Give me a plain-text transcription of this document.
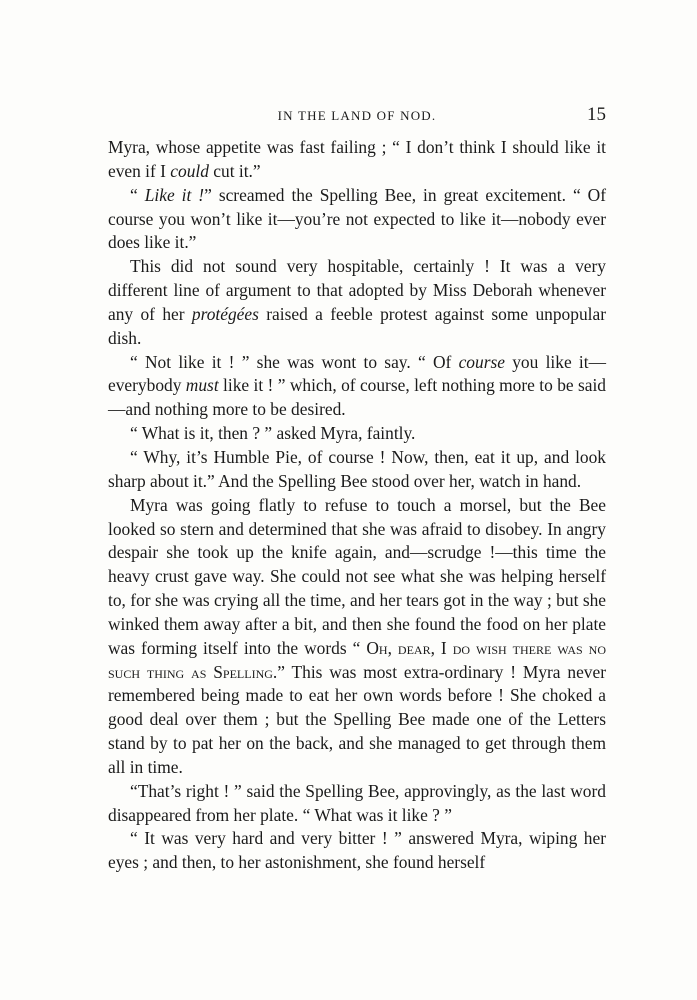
IN THE LAND OF NOD.	15

Myra, whose appetite was fast failing ; “ I don’t think I should like it even if I could cut it.”

“ Like it !” screamed the Spelling Bee, in great excitement. “ Of course you won’t like it—you’re not expected to like it—nobody ever does like it.”

This did not sound very hospitable, certainly ! It was a very different line of argument to that adopted by Miss Deborah whenever any of her protégées raised a feeble protest against some unpopular dish.

“ Not like it ! ” she was wont to say. “ Of course you like it—everybody must like it ! ” which, of course, left nothing more to be said—and nothing more to be desired.

“ What is it, then ? ” asked Myra, faintly.

“ Why, it’s Humble Pie, of course ! Now, then, eat it up, and look sharp about it.” And the Spelling Bee stood over her, watch in hand.

Myra was going flatly to refuse to touch a morsel, but the Bee looked so stern and determined that she was afraid to disobey. In angry despair she took up the knife again, and—scrudge !—this time the heavy crust gave way. She could not see what she was helping herself to, for she was crying all the time, and her tears got in the way ; but she winked them away after a bit, and then she found the food on her plate was forming itself into the words “ Oh, dear, I do wish there was no such thing as Spelling.” This was most extra-ordinary ! Myra never remembered being made to eat her own words before ! She choked a good deal over them ; but the Spelling Bee made one of the Letters stand by to pat her on the back, and she managed to get through them all in time.

“That’s right ! ” said the Spelling Bee, approvingly, as the last word disappeared from her plate. “ What was it like ? ”

“ It was very hard and very bitter ! ” answered Myra, wiping her eyes ; and then, to her astonishment, she found herself
